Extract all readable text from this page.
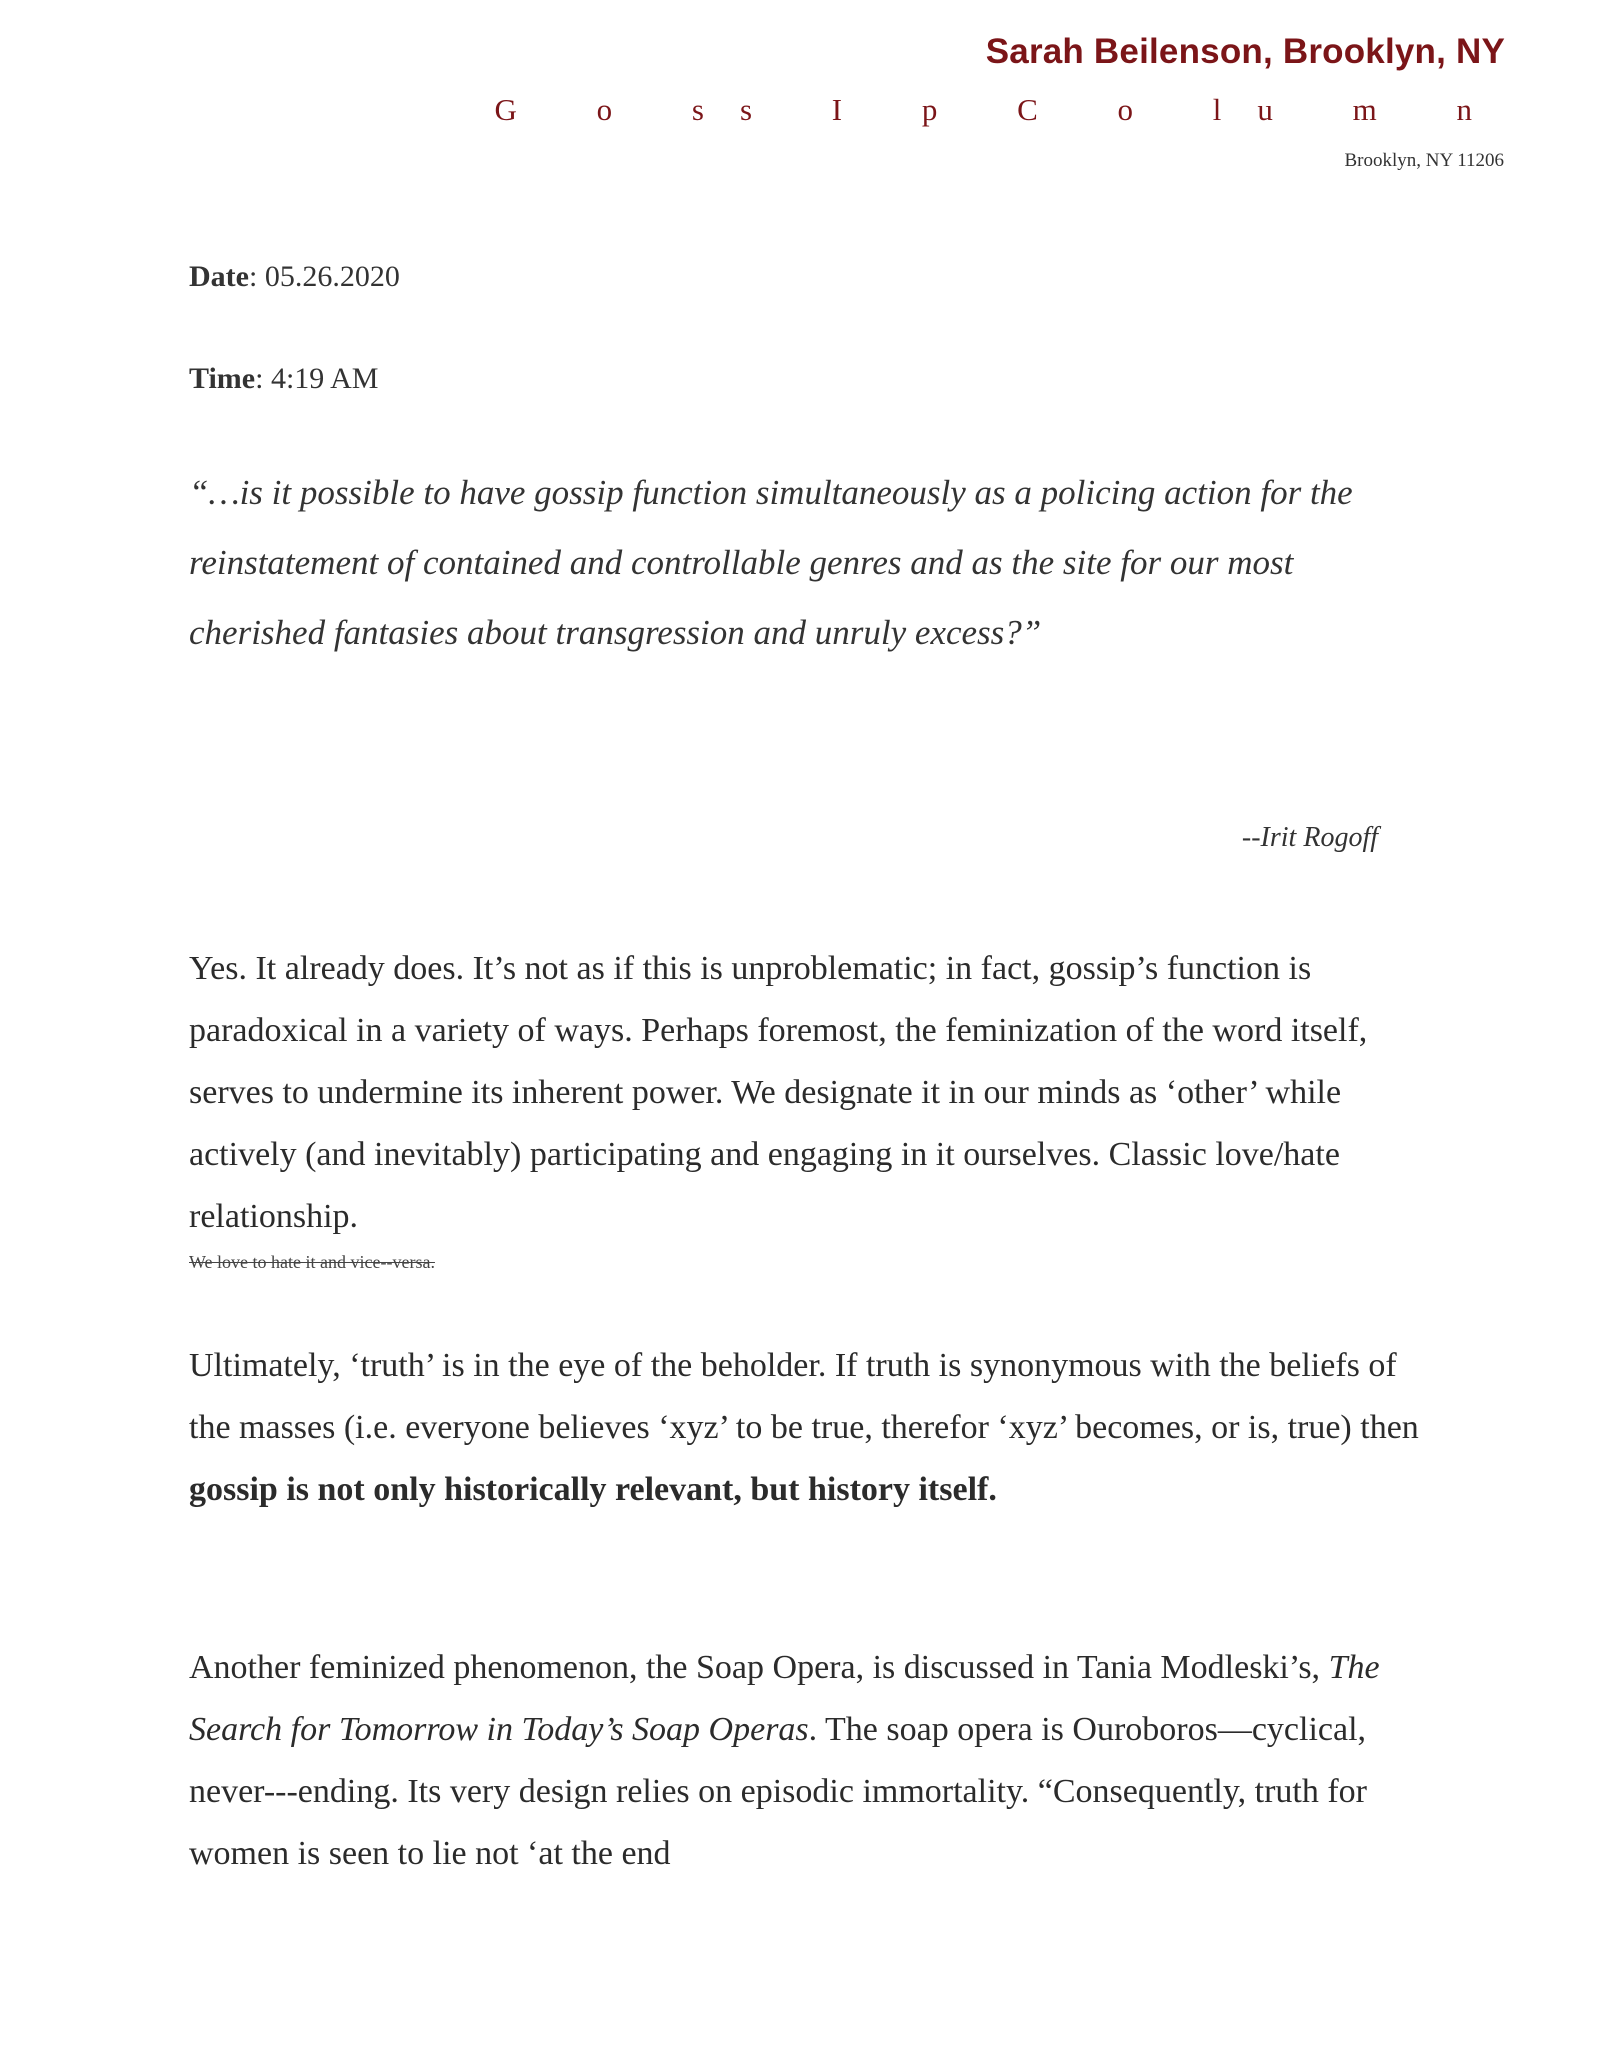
Sarah Beilenson, Brooklyn, NY
G o ss I p C o lu m n
Brooklyn, NY 11206
Date: 05.26.2020
Time: 4:19 AM
“…is it possible to have gossip function simultaneously as a policing action for the reinstatement of contained and controllable genres and as the site for our most cherished fantasies about transgression and unruly excess?”
--Irit Rogoff
Yes. It already does. It’s not as if this is unproblematic; in fact, gossip’s function is paradoxical in a variety of ways. Perhaps foremost, the feminization of the word itself, serves to undermine its inherent power. We designate it in our minds as ‘other’ while actively (and inevitably) participating and engaging in it ourselves. Classic love/hate relationship.
We love to hate it and vice-‐versa.
Ultimately, ‘truth’ is in the eye of the beholder. If truth is synonymous with the beliefs of the masses (i.e. everyone believes ‘xyz’ to be true, therefor ‘xyz’ becomes, or is, true) then gossip is not only historically relevant, but history itself.
Another feminized phenomenon, the Soap Opera, is discussed in Tania Modleski’s, The Search for Tomorrow in Today’s Soap Operas. The soap opera is Ouroboros—cyclical, never-‐‐ending. Its very design relies on episodic immortality. “Consequently, truth for women is seen to lie not ‘at the end
